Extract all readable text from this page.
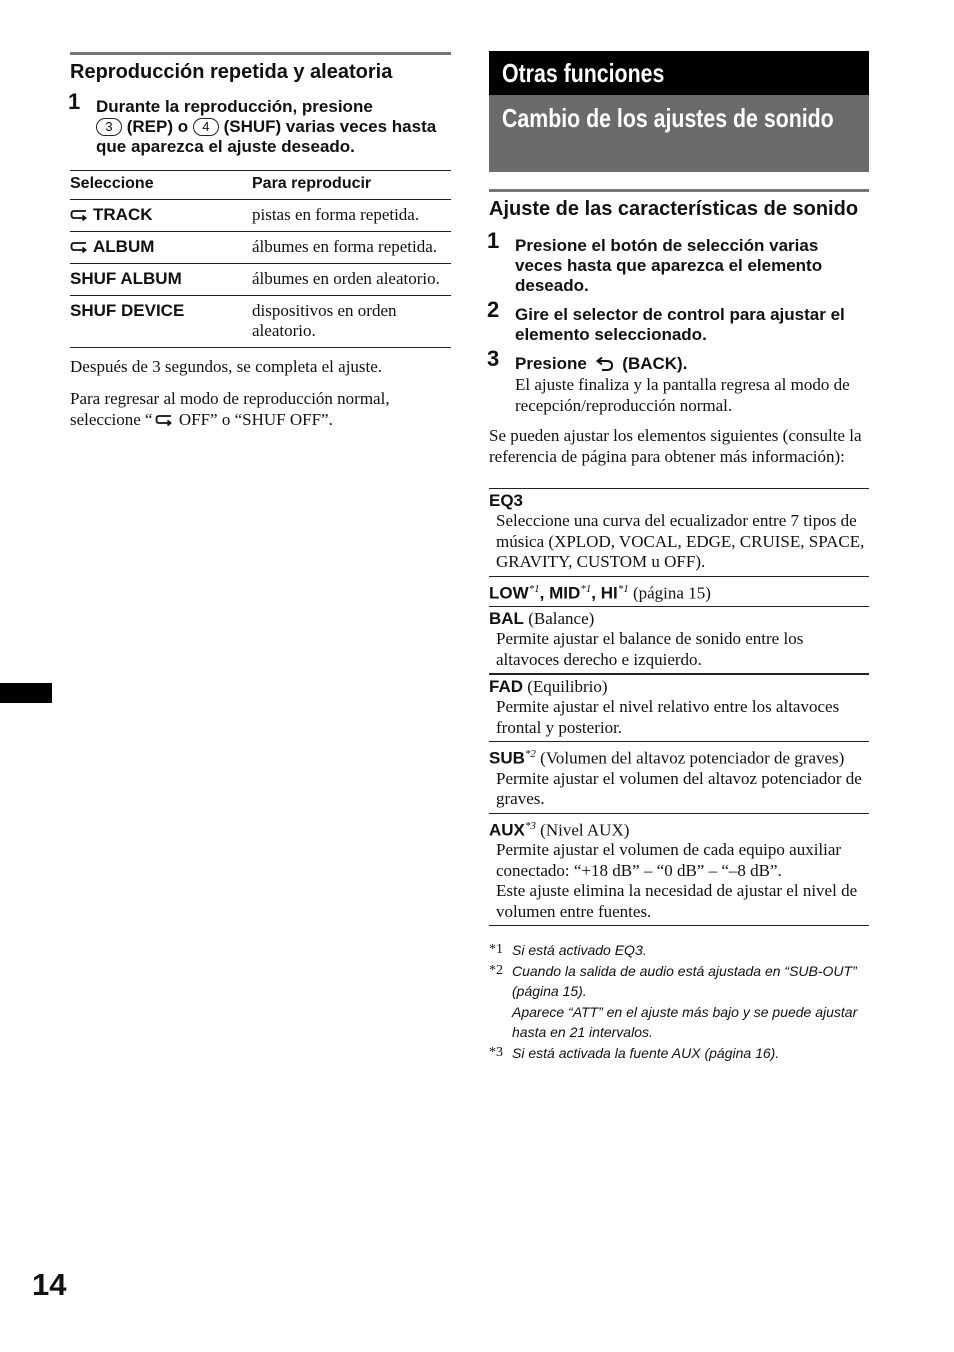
Reproducción repetida y aleatoria
1 Durante la reproducción, presione
3 (REP) o 4 (SHUF) varias veces hasta que aparezca el ajuste deseado.
Seleccione	Para reproducir
TRACK	pistas en forma repetida.
ALBUM	álbumes en forma repetida.
SHUF ALBUM	álbumes en orden aleatorio.
SHUF DEVICE	dispositivos en orden aleatorio.

Después de 3 segundos, se completa el ajuste.

Para regresar al modo de reproducción normal, seleccione “ OFF” o “SHUF OFF”.

Otras funciones
Cambio de los ajustes de sonido
Ajuste de las características de sonido
1 Presione el botón de selección varias veces hasta que aparezca el elemento deseado.
2 Gire el selector de control para ajustar el elemento seleccionado.
3 Presione (BACK).
El ajuste finaliza y la pantalla regresa al modo de recepción/reproducción normal.

Se pueden ajustar los elementos siguientes (consulte la referencia de página para obtener más información):

EQ3
Seleccione una curva del ecualizador entre 7 tipos de música (XPLOD, VOCAL, EDGE, CRUISE, SPACE, GRAVITY, CUSTOM u OFF).
LOW$^{*1}$, MID$^{*1}$, HI$^{*1}$ (página 15)
BAL (Balance)
Permite ajustar el balance de sonido entre los altavoces derecho e izquierdo.
FAD (Equilibrio)
Permite ajustar el nivel relativo entre los altavoces frontal y posterior.
SUB$^{*2}$ (Volumen del altavoz potenciador de graves)
Permite ajustar el volumen del altavoz potenciador de graves.
AUX$^{*3}$ (Nivel AUX)
Permite ajustar el volumen de cada equipo auxiliar conectado: “+18 dB” – “0 dB” – “–8 dB”.
Este ajuste elimina la necesidad de ajustar el nivel de volumen entre fuentes.
*1 Si está activado EQ3.
*2 Cuando la salida de audio está ajustada en “SUB-OUT” (página 15).
Aparece “ATT” en el ajuste más bajo y se puede ajustar hasta en 21 intervalos.
*3 Si está activada la fuente AUX (página 16).
14
